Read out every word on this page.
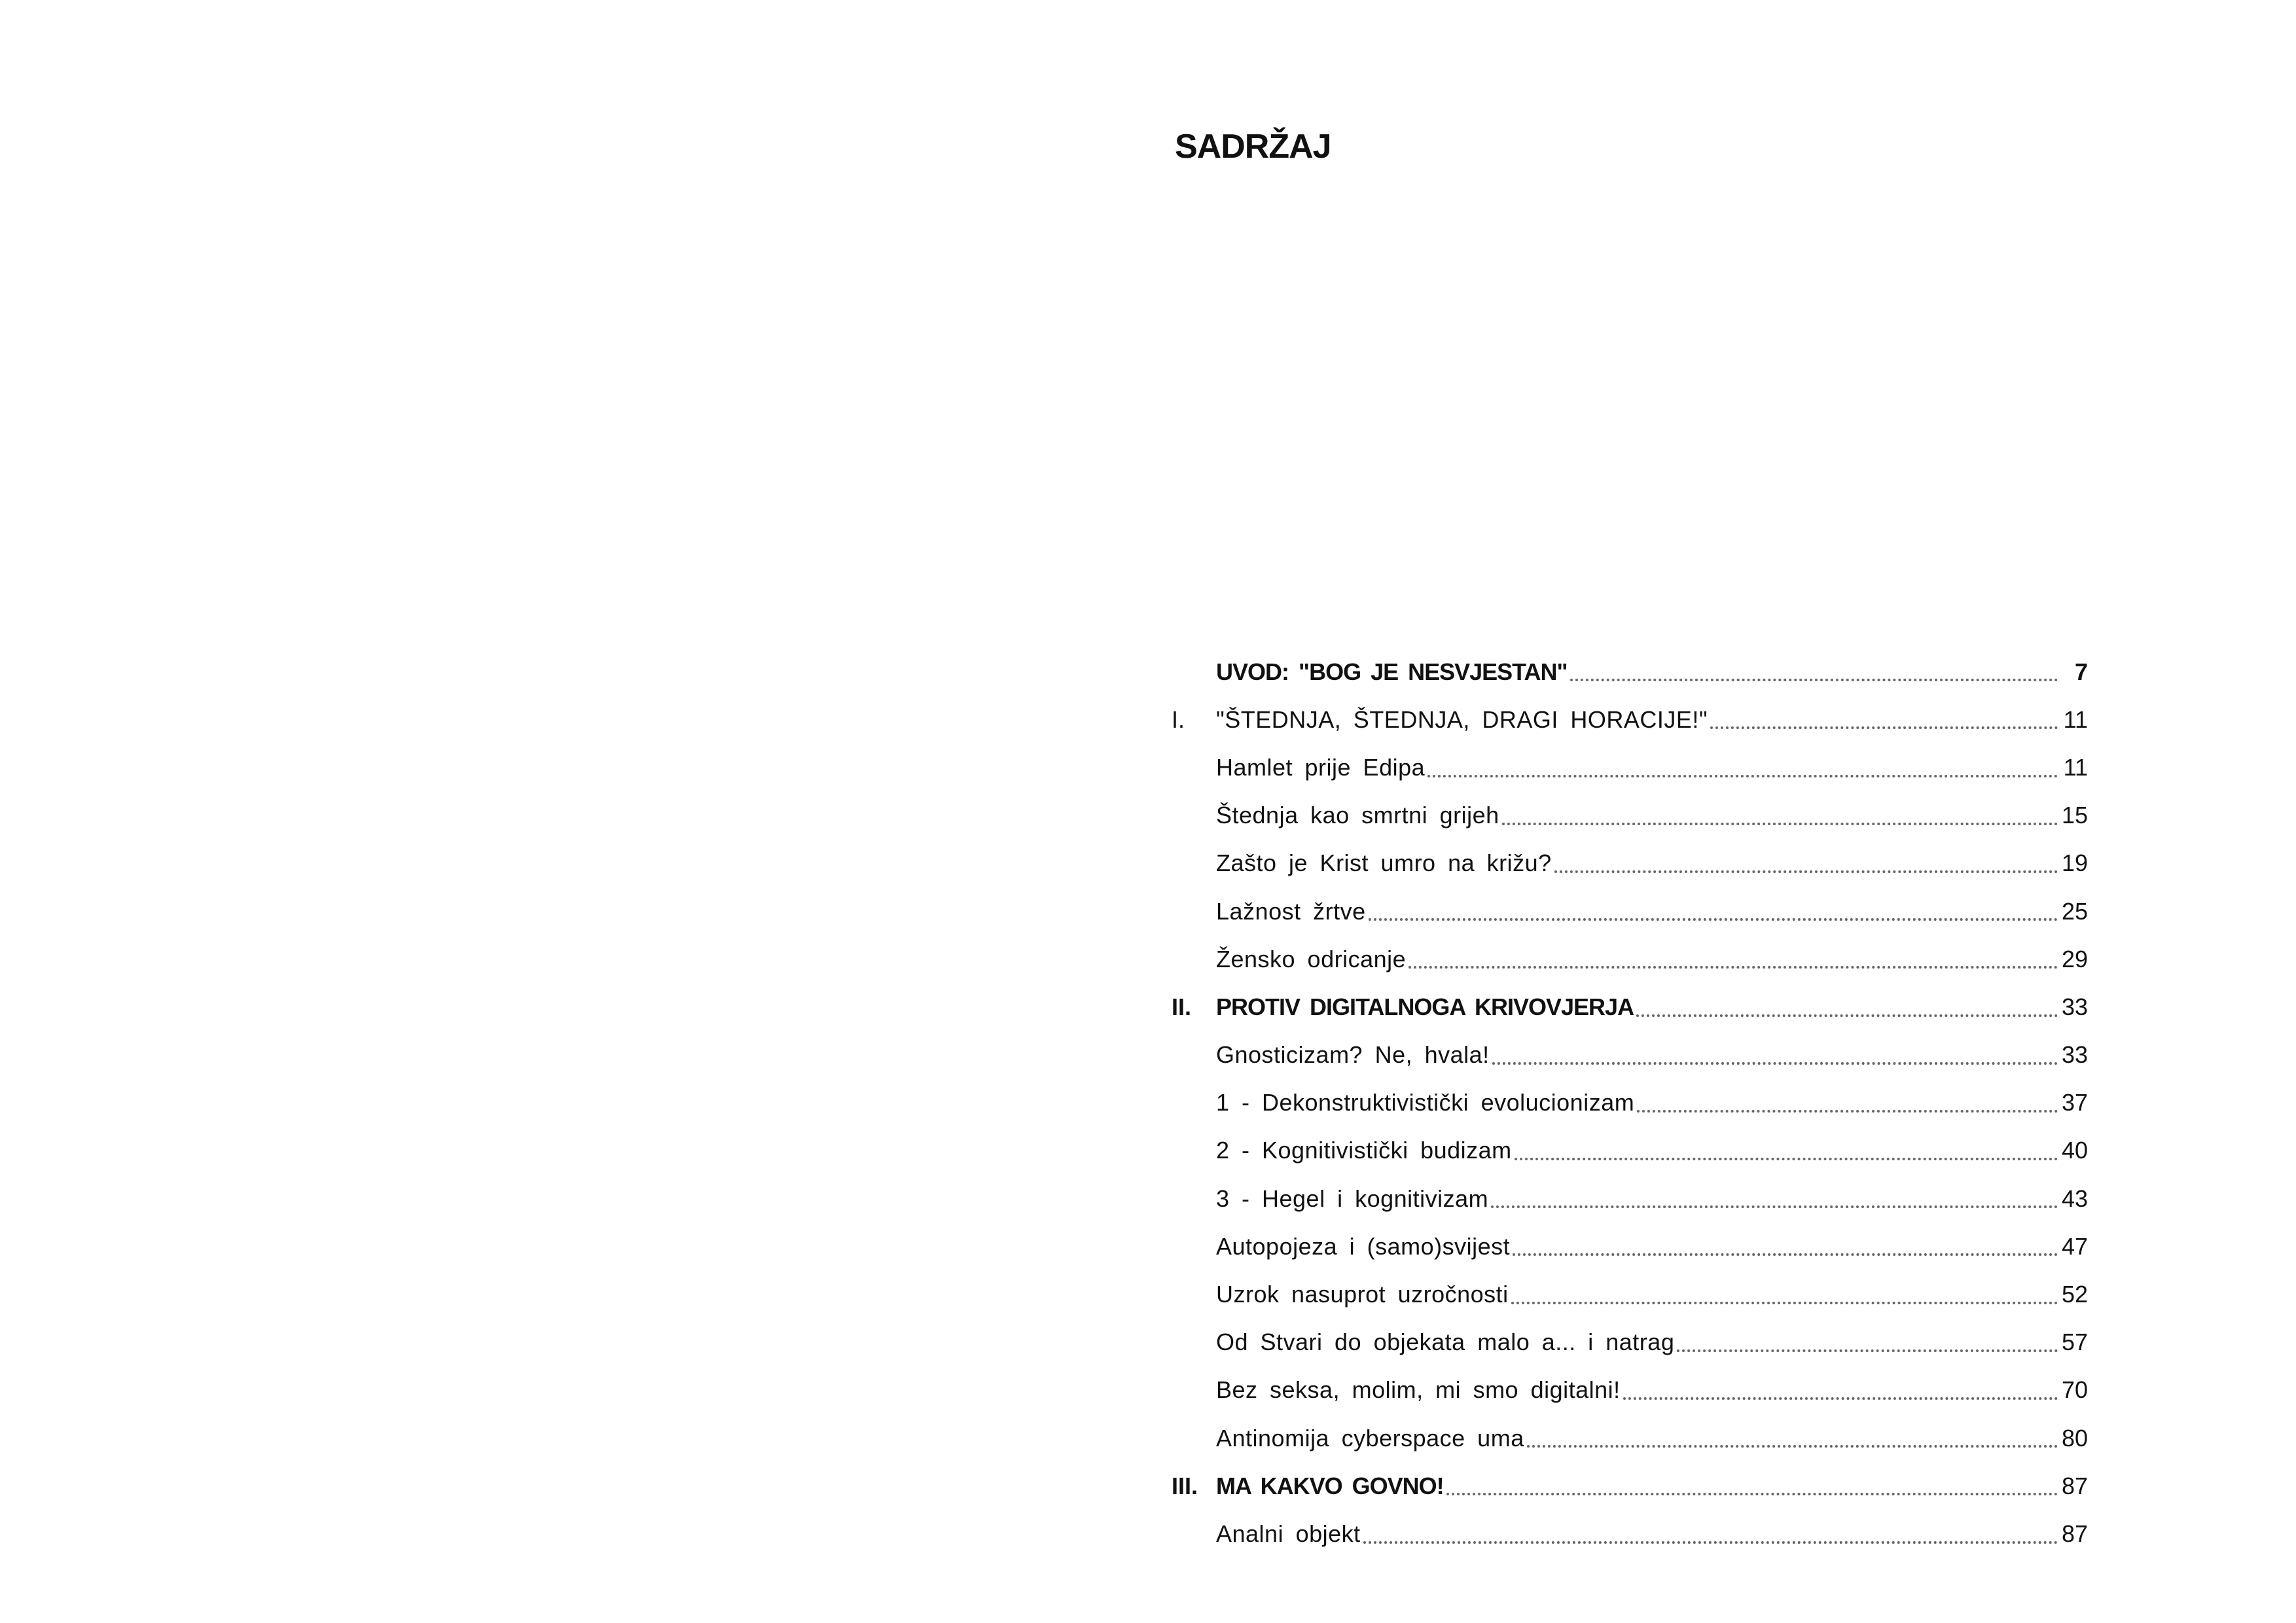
SADRŽAJ
UVOD: "BOG JE NESVJESTAN"	7
I.	"ŠTEDNJA, ŠTEDNJA, DRAGI HORACIJE!"	11
Hamlet prije Edipa	11
Štednja kao smrtni grijeh	15
Zašto je Krist umro na križu?	19
Lažnost žrtve	25
Žensko odricanje	29
II.	PROTIV DIGITALNOGA KRIVOVJERJA	33
Gnosticizam? Ne, hvala!	33
1 - Dekonstruktivistički evolucionizam	37
2 - Kognitivistički budizam	40
3 - Hegel i kognitivizam	43
Autopojeza i (samo)svijest	47
Uzrok nasuprot uzročnosti	52
Od Stvari do objekata malo a... i natrag	57
Bez seksa, molim, mi smo digitalni!	70
Antinomija cyberspace uma	80
III. MA KAKVO GOVNO!	87
Analni objekt	87
